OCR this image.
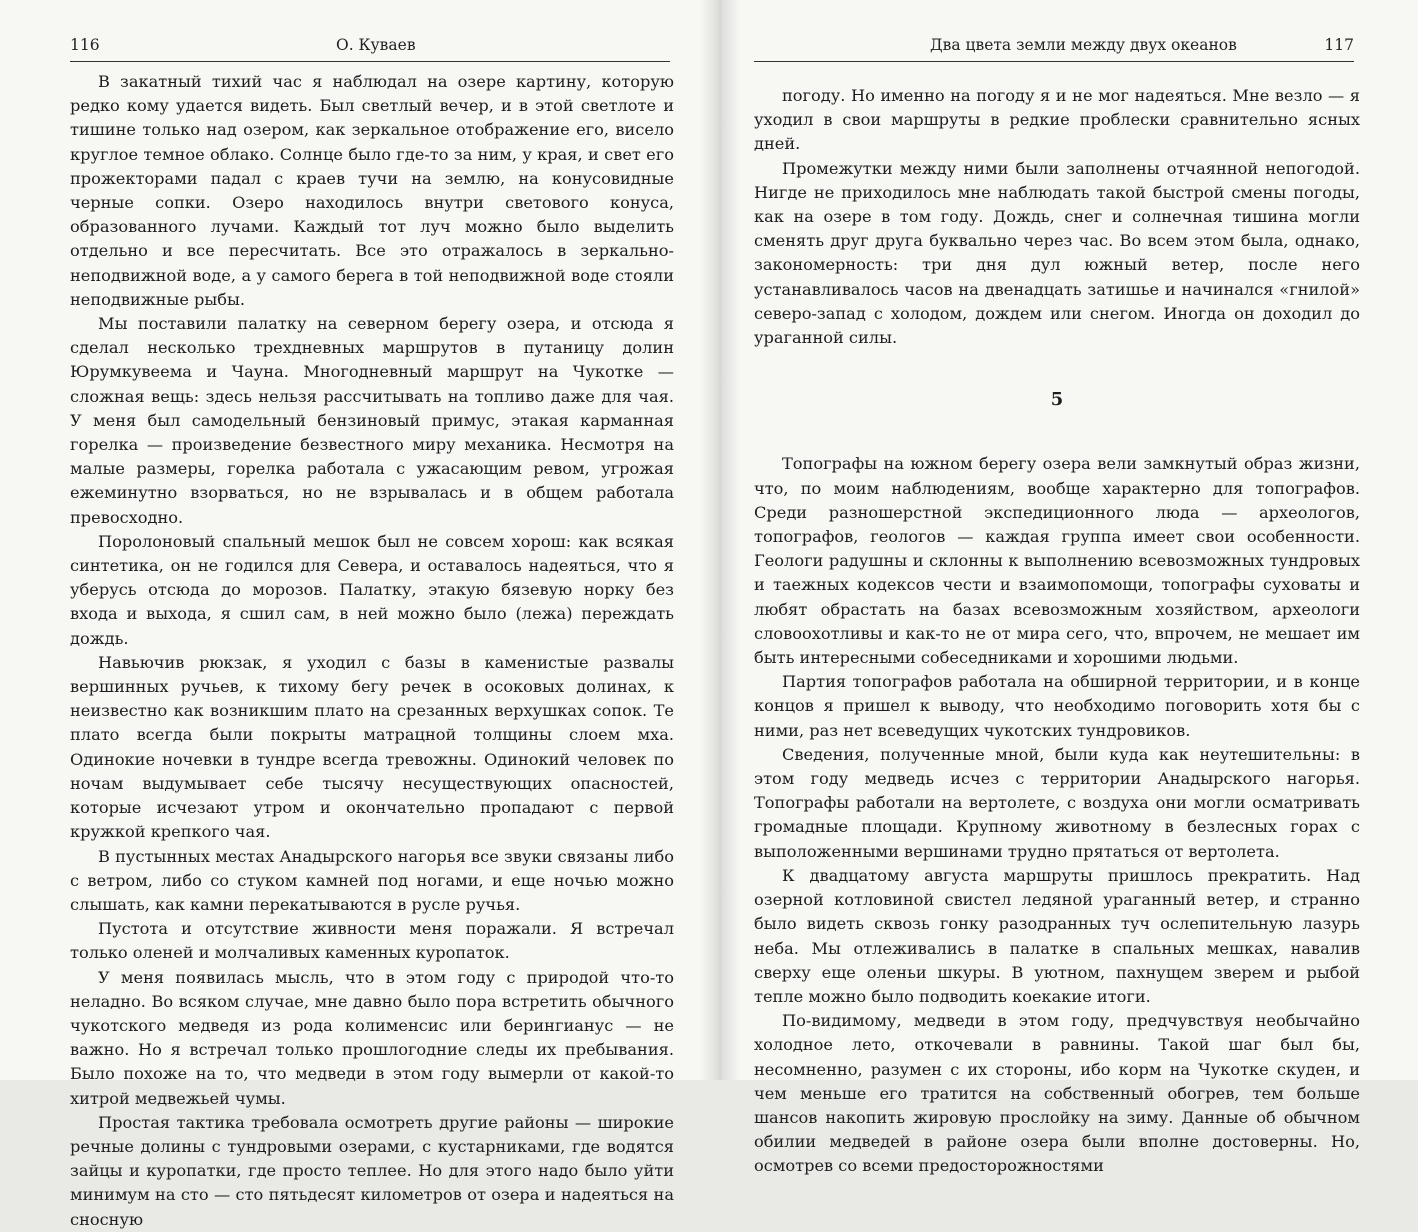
116	О. Куваев

В закатный тихий час я наблюдал на озере картину, которую редко кому удается видеть. Был светлый вечер, и в этой светлоте и тишине только над озером, как зеркальное отображение его, висело круглое темное облако. Солнце было где-то за ним, у края, и свет его прожекторами падал с краев тучи на землю, на конусовидные черные сопки. Озеро находилось внутри светового конуса, образованного лучами. Каждый тот луч можно было выделить отдельно и все пересчитать. Все это отражалось в зеркально-неподвижной воде, а у самого берега в той неподвижной воде стояли неподвижные рыбы.

Мы поставили палатку на северном берегу озера, и отсюда я сделал несколько трехдневных маршрутов в путаницу долин Юрумкувеема и Чауна. Многодневный маршрут на Чукотке — сложная вещь: здесь нельзя рассчитывать на топливо даже для чая. У меня был самодельный бензиновый примус, этакая карманная горелка — произведение безвестного миру механика. Несмотря на малые размеры, горелка работала с ужасающим ревом, угрожая ежеминутно взорваться, но не взрывалась и в общем работала превосходно.

Поролоновый спальный мешок был не совсем хорош: как всякая синтетика, он не годился для Севера, и оставалось надеяться, что я уберусь отсюда до морозов. Палатку, этакую бязевую норку без входа и выхода, я сшил сам, в ней можно было (лежа) переждать дождь.

Навьючив рюкзак, я уходил с базы в каменистые развалы вершинных ручьев, к тихому бегу речек в осоковых долинах, к неизвестно как возникшим плато на срезанных верхушках сопок. Те плато всегда были покрыты матрацной толщины слоем мха. Одинокие ночевки в тундре всегда тревожны. Одинокий человек по ночам выдумывает себе тысячу несуществующих опасностей, которые исчезают утром и окончательно пропадают с первой кружкой крепкого чая.

В пустынных местах Анадырского нагорья все звуки связаны либо с ветром, либо со стуком камней под ногами, и еще ночью можно слышать, как камни перекатываются в русле ручья.

Пустота и отсутствие живности меня поражали. Я встречал только оленей и молчаливых каменных куропаток.

У меня появилась мысль, что в этом году с природой что-то неладно. Во всяком случае, мне давно было пора встретить обычного чукотского медведя из рода колименсис или берингианус — не важно. Но я встречал только прошлогодние следы их пребывания. Было похоже на то, что медведи в этом году вымерли от какой-то хитрой медвежьей чумы.

Простая тактика требовала осмотреть другие районы — широкие речные долины с тундровыми озерами, с кустарниками, где водятся зайцы и куропатки, где просто теплее. Но для этого надо было уйти минимум на сто — сто пятьдесят километров от озера и надеяться на сносную

Два цвета земли между двух океанов	117

погоду. Но именно на погоду я и не мог надеяться. Мне везло — я уходил в свои маршруты в редкие проблески сравнительно ясных дней.

Промежутки между ними были заполнены отчаянной непогодой. Нигде не приходилось мне наблюдать такой быстрой смены погоды, как на озере в том году. Дождь, снег и солнечная тишина могли сменять друг друга буквально через час. Во всем этом была, однако, закономерность: три дня дул южный ветер, после него устанавливалось часов на двенадцать затишье и начинался «гнилой» северо-запад с холодом, дождем или снегом. Иногда он доходил до ураганной силы.

5

Топографы на южном берегу озера вели замкнутый образ жизни, что, по моим наблюдениям, вообще характерно для топографов. Среди разношерстной экспедиционного люда — археологов, топографов, геологов — каждая группа имеет свои особенности. Геологи радушны и склонны к выполнению всевозможных тундровых и таежных кодексов чести и взаимопомощи, топографы суховаты и любят обрастать на базах всевозможным хозяйством, археологи словоохотливы и как-то не от мира сего, что, впрочем, не мешает им быть интересными собеседниками и хорошими людьми.

Партия топографов работала на обширной территории, и в конце концов я пришел к выводу, что необходимо поговорить хотя бы с ними, раз нет всеведущих чукотских тундровиков.

Сведения, полученные мной, были куда как неутешительны: в этом году медведь исчез с территории Анадырского нагорья. Топографы работали на вертолете, с воздуха они могли осматривать громадные площади. Крупному животному в безлесных горах с выположенными вершинами трудно прятаться от вертолета.

К двадцатому августа маршруты пришлось прекратить. Над озерной котловиной свистел ледяной ураганный ветер, и странно было видеть сквозь гонку разодранных туч ослепительную лазурь неба. Мы отлеживались в палатке в спальных мешках, навалив сверху еще оленьи шкуры. В уютном, пахнущем зверем и рыбой тепле можно было подводить коекакие итоги.

По-видимому, медведи в этом году, предчувствуя необычайно холодное лето, откочевали в равнины. Такой шаг был бы, несомненно, разумен с их стороны, ибо корм на Чукотке скуден, и чем меньше его тратится на собственный обогрев, тем больше шансов накопить жировую прослойку на зиму. Данные об обычном обилии медведей в районе озера были вполне достоверны. Но, осмотрев со всеми предосторожностями
